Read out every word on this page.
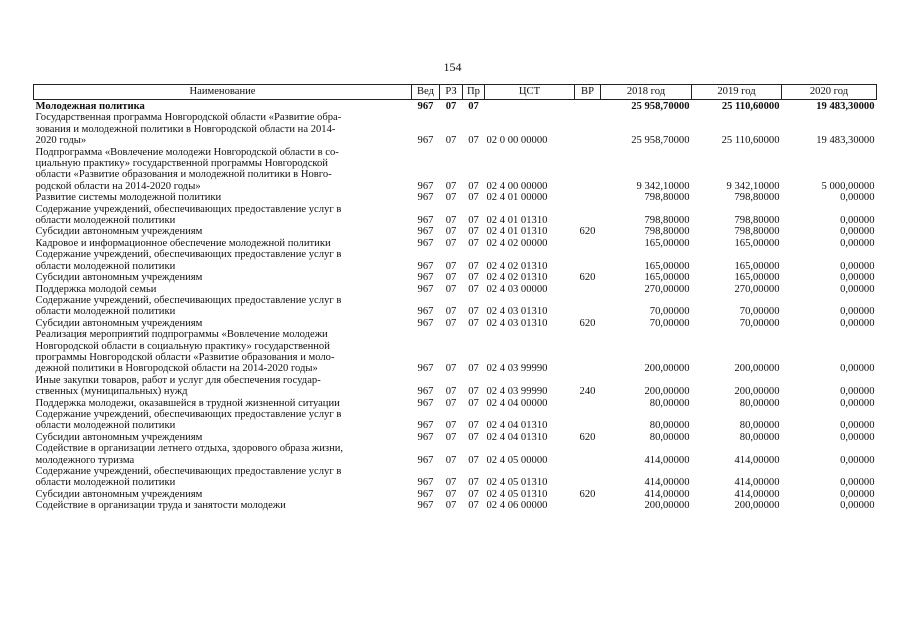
154
Наименование	Вед	РЗ	Пр	ЦСТ	ВР	2018 год	2019 год	2020 год
Молодежная политика	967	07	07			25 958,70000	25 110,60000	19 483,30000
Государственная программа Новгородской области «Развитие обра-
зования и молодежной политики в Новгородской области на 2014-
2020 годы»	967	07	07	02 0 00 00000		25 958,70000	25 110,60000	19 483,30000
Подпрограмма «Вовлечение молодежи Новгородской области в со-
циальную практику» государственной программы Новгородской
области «Развитие образования и молодежной политики в Новго-
родской области на 2014-2020 годы»	967	07	07	02 4 00 00000		9 342,10000	9 342,10000	5 000,00000
Развитие системы молодежной политики	967	07	07	02 4 01 00000		798,80000	798,80000	0,00000
Содержание учреждений, обеспечивающих предоставление услуг в
области молодежной политики	967	07	07	02 4 01 01310		798,80000	798,80000	0,00000
Субсидии автономным учреждениям	967	07	07	02 4 01 01310	620	798,80000	798,80000	0,00000
Кадровое и информационное обеспечение молодежной политики	967	07	07	02 4 02 00000		165,00000	165,00000	0,00000
Содержание учреждений, обеспечивающих предоставление услуг в
области молодежной политики	967	07	07	02 4 02 01310		165,00000	165,00000	0,00000
Субсидии автономным учреждениям	967	07	07	02 4 02 01310	620	165,00000	165,00000	0,00000
Поддержка молодой семьи	967	07	07	02 4 03 00000		270,00000	270,00000	0,00000
Содержание учреждений, обеспечивающих предоставление услуг в
области молодежной политики	967	07	07	02 4 03 01310		70,00000	70,00000	0,00000
Субсидии автономным учреждениям	967	07	07	02 4 03 01310	620	70,00000	70,00000	0,00000
Реализация мероприятий подпрограммы «Вовлечение молодежи
Новгородской области в социальную практику» государственной
программы Новгородской области «Развитие образования и моло-
дежной политики в Новгородской области на 2014-2020 годы»	967	07	07	02 4 03 99990		200,00000	200,00000	0,00000
Иные закупки товаров, работ и услуг для обеспечения государ-
ственных (муниципальных) нужд	967	07	07	02 4 03 99990	240	200,00000	200,00000	0,00000
Поддержка молодежи, оказавшейся в трудной жизненной ситуации	967	07	07	02 4 04 00000		80,00000	80,00000	0,00000
Содержание учреждений, обеспечивающих предоставление услуг в
области молодежной политики	967	07	07	02 4 04 01310		80,00000	80,00000	0,00000
Субсидии автономным учреждениям	967	07	07	02 4 04 01310	620	80,00000	80,00000	0,00000
Содействие в организации летнего отдыха, здорового образа жизни,
молодежного туризма	967	07	07	02 4 05 00000		414,00000	414,00000	0,00000
Содержание учреждений, обеспечивающих предоставление услуг в
области молодежной политики	967	07	07	02 4 05 01310		414,00000	414,00000	0,00000
Субсидии автономным учреждениям	967	07	07	02 4 05 01310	620	414,00000	414,00000	0,00000
Содействие в организации труда и занятости молодежи	967	07	07	02 4 06 00000		200,00000	200,00000	0,00000
